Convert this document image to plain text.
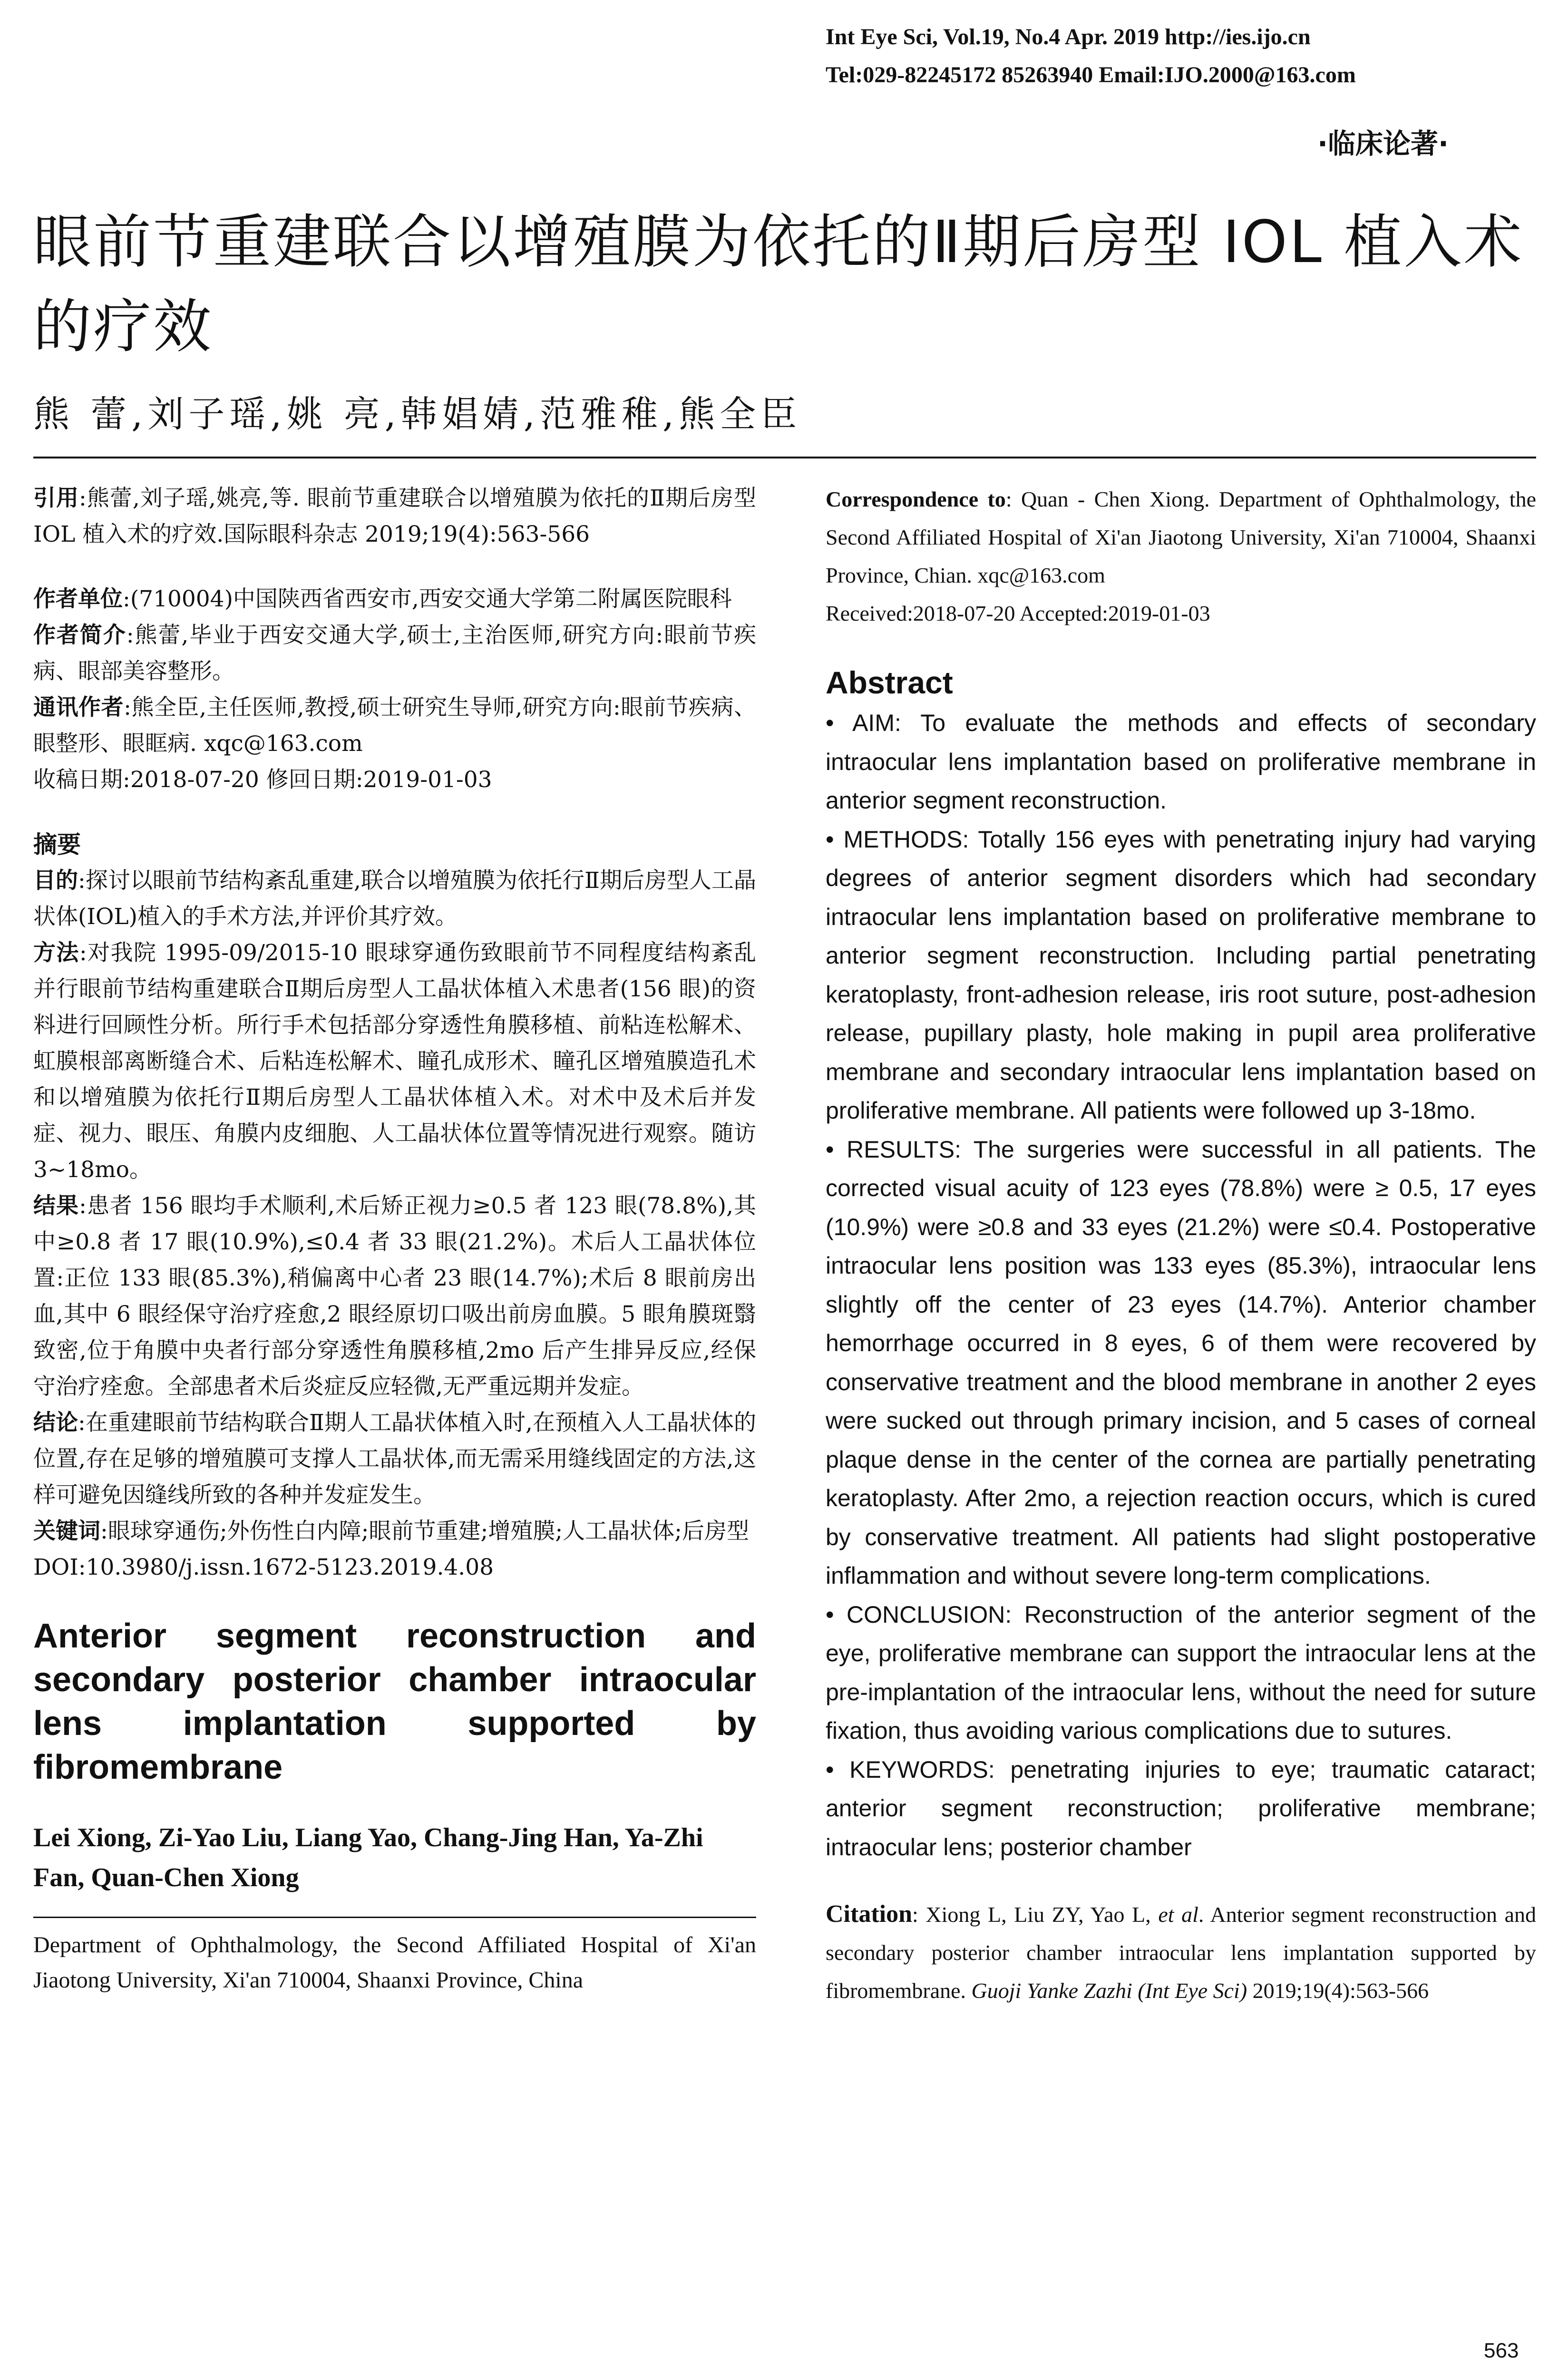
Int Eye Sci, Vol.19, No.4 Apr. 2019 http://ies.ijo.cn
Tel:029-82245172 85263940 Email:IJO.2000@163.com
·临床论著·
眼前节重建联合以增殖膜为依托的Ⅱ期后房型 IOL 植入术的疗效
熊 蕾,刘子瑶,姚 亮,韩娼婧,范雅稚,熊全臣

引用:熊蕾,刘子瑶,姚亮,等. 眼前节重建联合以增殖膜为依托的Ⅱ期后房型 IOL 植入术的疗效.国际眼科杂志 2019;19(4):563-566

作者单位:(710004)中国陕西省西安市,西安交通大学第二附属医院眼科

作者简介:熊蕾,毕业于西安交通大学,硕士,主治医师,研究方向:眼前节疾病、眼部美容整形。

通讯作者:熊全臣,主任医师,教授,硕士研究生导师,研究方向:眼前节疾病、眼整形、眼眶病. xqc@163.com

收稿日期:2018-07-20 修回日期:2019-01-03

摘要

目的:探讨以眼前节结构紊乱重建,联合以增殖膜为依托行Ⅱ期后房型人工晶状体(IOL)植入的手术方法,并评价其疗效。

方法:对我院 1995-09/2015-10 眼球穿通伤致眼前节不同程度结构紊乱并行眼前节结构重建联合Ⅱ期后房型人工晶状体植入术患者(156 眼)的资料进行回顾性分析。所行手术包括部分穿透性角膜移植、前粘连松解术、虹膜根部离断缝合术、后粘连松解术、瞳孔成形术、瞳孔区增殖膜造孔术和以增殖膜为依托行Ⅱ期后房型人工晶状体植入术。对术中及术后并发症、视力、眼压、角膜内皮细胞、人工晶状体位置等情况进行观察。随访 3~18mo。

结果:患者 156 眼均手术顺利,术后矫正视力≥0.5 者 123 眼(78.8%),其中≥0.8 者 17 眼(10.9%),≤0.4 者 33 眼(21.2%)。术后人工晶状体位置:正位 133 眼(85.3%),稍偏离中心者 23 眼(14.7%);术后 8 眼前房出血,其中 6 眼经保守治疗痊愈,2 眼经原切口吸出前房血膜。5 眼角膜斑翳致密,位于角膜中央者行部分穿透性角膜移植,2mo 后产生排异反应,经保守治疗痊愈。全部患者术后炎症反应轻微,无严重远期并发症。

结论:在重建眼前节结构联合Ⅱ期人工晶状体植入时,在预植入人工晶状体的位置,存在足够的增殖膜可支撑人工晶状体,而无需采用缝线固定的方法,这样可避免因缝线所致的各种并发症发生。

关键词:眼球穿通伤;外伤性白内障;眼前节重建;增殖膜;人工晶状体;后房型

DOI:10.3980/j.issn.1672-5123.2019.4.08

Anterior segment reconstruction and secondary posterior chamber intraocular lens implantation supported by fibromembrane

Lei Xiong, Zi-Yao Liu, Liang Yao, Chang-Jing Han, Ya-Zhi Fan, Quan-Chen Xiong

Department of Ophthalmology, the Second Affiliated Hospital of Xi'an Jiaotong University, Xi'an 710004, Shaanxi Province, China

Correspondence to: Quan - Chen Xiong. Department of Ophthalmology, the Second Affiliated Hospital of Xi'an Jiaotong University, Xi'an 710004, Shaanxi Province, Chian. xqc@163.com

Received:2018-07-20 Accepted:2019-01-03

Abstract

• AIM: To evaluate the methods and effects of secondary intraocular lens implantation based on proliferative membrane in anterior segment reconstruction.

• METHODS: Totally 156 eyes with penetrating injury had varying degrees of anterior segment disorders which had secondary intraocular lens implantation based on proliferative membrane to anterior segment reconstruction. Including partial penetrating keratoplasty, front-adhesion release, iris root suture, post-adhesion release, pupillary plasty, hole making in pupil area proliferative membrane and secondary intraocular lens implantation based on proliferative membrane. All patients were followed up 3-18mo.

• RESULTS: The surgeries were successful in all patients. The corrected visual acuity of 123 eyes (78.8%) were ≥ 0.5, 17 eyes (10.9%) were ≥0.8 and 33 eyes (21.2%) were ≤0.4. Postoperative intraocular lens position was 133 eyes (85.3%), intraocular lens slightly off the center of 23 eyes (14.7%). Anterior chamber hemorrhage occurred in 8 eyes, 6 of them were recovered by conservative treatment and the blood membrane in another 2 eyes were sucked out through primary incision, and 5 cases of corneal plaque dense in the center of the cornea are partially penetrating keratoplasty. After 2mo, a rejection reaction occurs, which is cured by conservative treatment. All patients had slight postoperative inflammation and without severe long-term complications.

• CONCLUSION: Reconstruction of the anterior segment of the eye, proliferative membrane can support the intraocular lens at the pre-implantation of the intraocular lens, without the need for suture fixation, thus avoiding various complications due to sutures.

• KEYWORDS: penetrating injuries to eye; traumatic cataract; anterior segment reconstruction; proliferative membrane; intraocular lens; posterior chamber

Citation: Xiong L, Liu ZY, Yao L, et al. Anterior segment reconstruction and secondary posterior chamber intraocular lens implantation supported by fibromembrane. Guoji Yanke Zazhi (Int Eye Sci) 2019;19(4):563-566

563
